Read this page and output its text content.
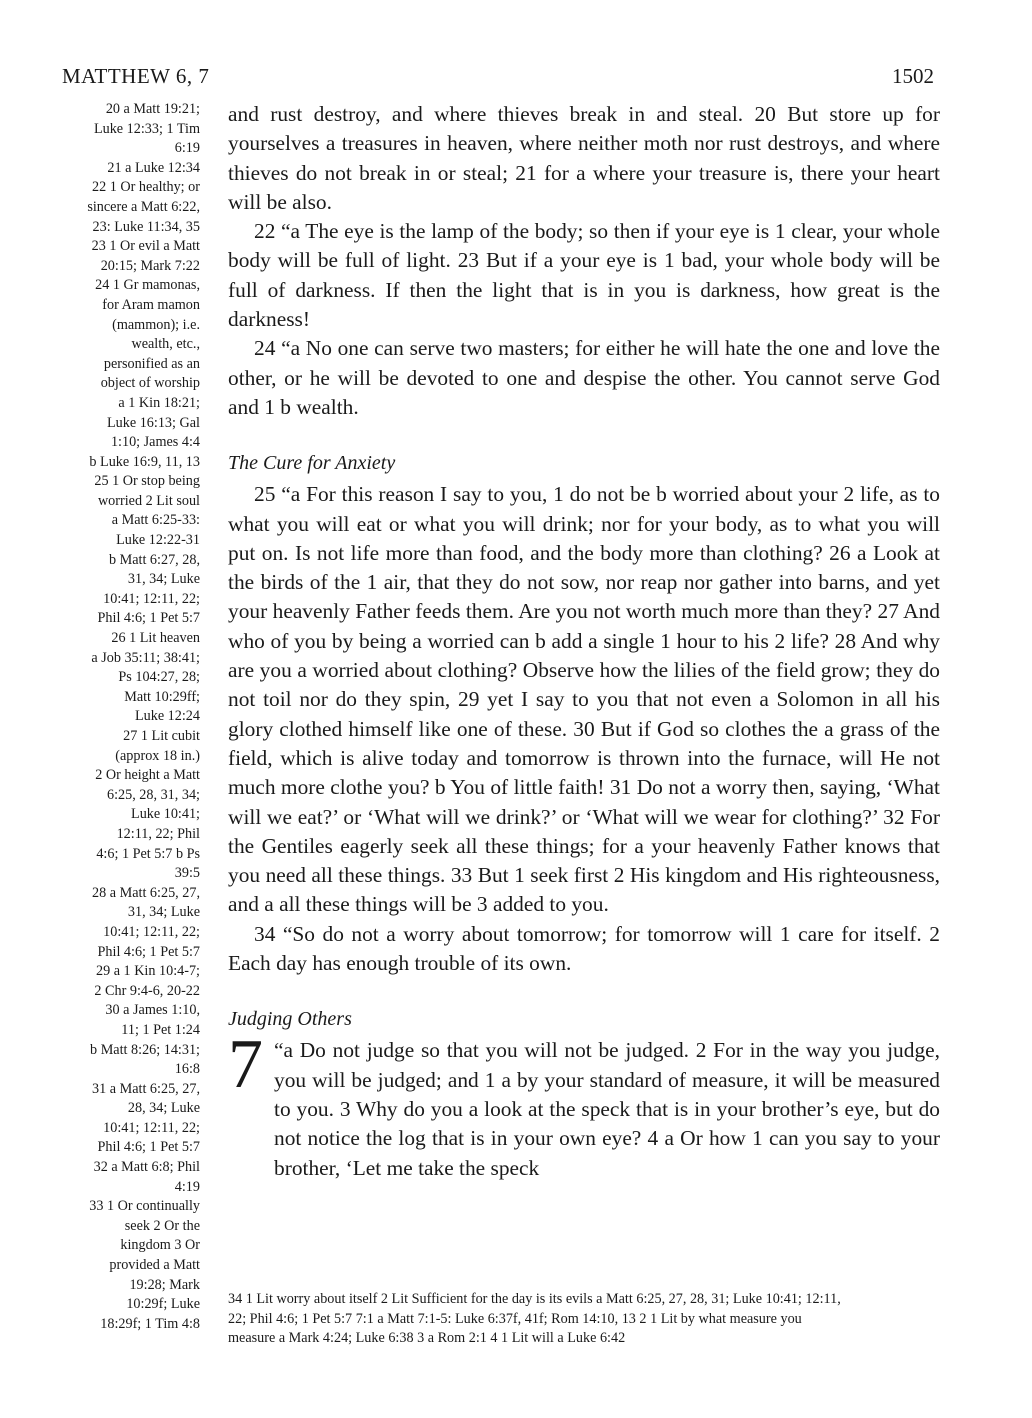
MATTHEW 6, 7	1502
20 a Matt 19:21;
Luke 12:33; 1 Tim
6:19
21 a Luke 12:34
22 1 Or healthy; or
sincere a Matt 6:22,
23: Luke 11:34, 35
23 1 Or evil a Matt
20:15; Mark 7:22
24 1 Gr mamonas,
for Aram mamon
(mammon); i.e.
wealth, etc.,
personified as an
object of worship
a 1 Kin 18:21;
Luke 16:13; Gal
1:10; James 4:4
b Luke 16:9, 11, 13
25 1 Or stop being
worried 2 Lit soul
a Matt 6:25-33:
Luke 12:22-31
b Matt 6:27, 28,
31, 34; Luke
10:41; 12:11, 22;
Phil 4:6; 1 Pet 5:7
26 1 Lit heaven
a Job 35:11; 38:41;
Ps 104:27, 28;
Matt 10:29ff;
Luke 12:24
27 1 Lit cubit
(approx 18 in.)
2 Or height a Matt
6:25, 28, 31, 34;
Luke 10:41;
12:11, 22; Phil
4:6; 1 Pet 5:7 b Ps
39:5
28 a Matt 6:25, 27,
31, 34; Luke
10:41; 12:11, 22;
Phil 4:6; 1 Pet 5:7
29 a 1 Kin 10:4-7;
2 Chr 9:4-6, 20-22
30 a James 1:10,
11; 1 Pet 1:24
b Matt 8:26; 14:31;
16:8
31 a Matt 6:25, 27,
28, 34; Luke
10:41; 12:11, 22;
Phil 4:6; 1 Pet 5:7
32 a Matt 6:8; Phil
4:19
33 1 Or continually
seek 2 Or the
kingdom 3 Or
provided a Matt
19:28; Mark
10:29f; Luke
18:29f; 1 Tim 4:8

and rust destroy, and where thieves break in and steal. 20 But store up for yourselves a treasures in heaven, where neither moth nor rust destroys, and where thieves do not break in or steal; 21 for a where your treasure is, there your heart will be also.

22 “a The eye is the lamp of the body; so then if your eye is 1 clear, your whole body will be full of light. 23 But if a your eye is 1 bad, your whole body will be full of darkness. If then the light that is in you is darkness, how great is the darkness!

24 “a No one can serve two masters; for either he will hate the one and love the other, or he will be devoted to one and despise the other. You cannot serve God and 1 b wealth.

The Cure for Anxiety

25 “a For this reason I say to you, 1 do not be b worried about your 2 life, as to what you will eat or what you will drink; nor for your body, as to what you will put on. Is not life more than food, and the body more than clothing? 26 a Look at the birds of the 1 air, that they do not sow, nor reap nor gather into barns, and yet your heavenly Father feeds them. Are you not worth much more than they? 27 And who of you by being a worried can b add a single 1 hour to his 2 life? 28 And why are you a worried about clothing? Observe how the lilies of the field grow; they do not toil nor do they spin, 29 yet I say to you that not even a Solomon in all his glory clothed himself like one of these. 30 But if God so clothes the a grass of the field, which is alive today and tomorrow is thrown into the furnace, will He not much more clothe you? b You of little faith! 31 Do not a worry then, saying, ‘What will we eat?’ or ‘What will we drink?’ or ‘What will we wear for clothing?’ 32 For the Gentiles eagerly seek all these things; for a your heavenly Father knows that you need all these things. 33 But 1 seek first 2 His kingdom and His righteousness, and a all these things will be 3 added to you.

34 “So do not a worry about tomorrow; for tomorrow will 1 care for itself. 2 Each day has enough trouble of its own.

Judging Others

7 “a Do not judge so that you will not be judged. 2 For in the way you judge, you will be judged; and 1 a by your standard of measure, it will be measured to you. 3 Why do you a look at the speck that is in your brother’s eye, but do not notice the log that is in your own eye? 4 a Or how 1 can you say to your brother, ‘Let me take the speck

34 1 Lit worry about itself 2 Lit Sufficient for the day is its evils a Matt 6:25, 27, 28, 31; Luke 10:41; 12:11,
22; Phil 4:6; 1 Pet 5:7 7:1 a Matt 7:1-5: Luke 6:37f, 41f; Rom 14:10, 13 2 1 Lit by what measure you
measure a Mark 4:24; Luke 6:38 3 a Rom 2:1 4 1 Lit will a Luke 6:42
